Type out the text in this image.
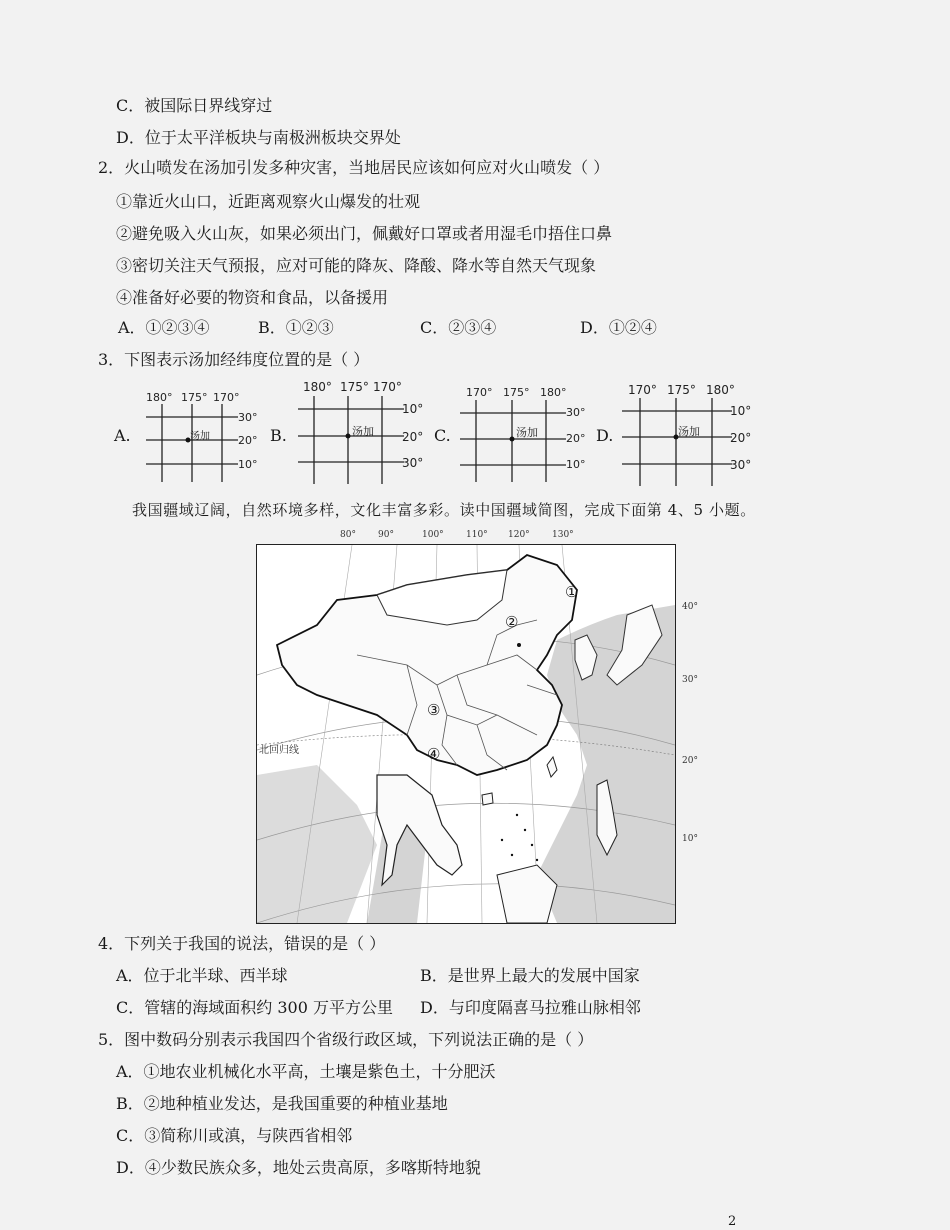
C．被国际日界线穿过
D．位于太平洋板块与南极洲板块交界处
2．火山喷发在汤加引发多种灾害，当地居民应该如何应对火山喷发（ ）
①靠近火山口，近距离观察火山爆发的壮观
②避免吸入火山灰，如果必须出门，佩戴好口罩或者用湿毛巾捂住口鼻
③密切关注天气预报，应对可能的降灰、降酸、降水等自然天气现象
④准备好必要的物资和食品，以备援用
A．①②③④	B．①②③	C．②③④	D．①②④
3．下图表示汤加经纬度位置的是（ ）
A.
180° 175° 170°
汤加
30°
20°
10°
B.
180° 175° 170°
汤加
10°
20°
30°
C.
170° 175° 180°
汤加
30°
20°
10°
D.
170° 175° 180°
汤加
10°
20°
30°
我国疆域辽阔，自然环境多样，文化丰富多彩。读中国疆域简图，完成下面第 4、5 小题。
80° 90°	100° 110° 120° 130°
40°
30°
20°
10°
北回归线
①
②
③
④
4．下列关于我国的说法，错误的是（ ）
A．位于北半球、西半球	B．是世界上最大的发展中国家
C．管辖的海域面积约 300 万平方公里 D．与印度隔喜马拉雅山脉相邻
5．图中数码分别表示我国四个省级行政区域，下列说法正确的是（ ）
A．①地农业机械化水平高，土壤是紫色土，十分肥沃
B．②地种植业发达，是我国重要的种植业基地
C．③简称川或滇，与陕西省相邻
D．④少数民族众多，地处云贵高原，多喀斯特地貌
2
